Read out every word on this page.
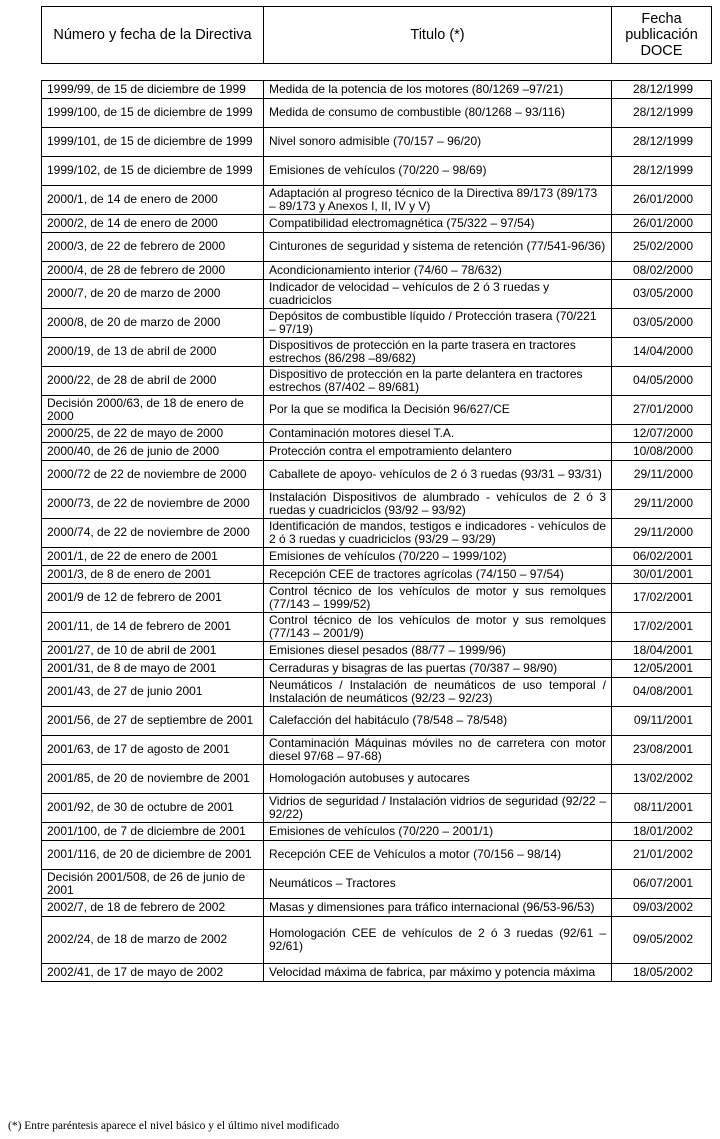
Número y fecha de la Directiva	Titulo (*)	Fecha publicación DOCE
1999/99, de 15 de diciembre de 1999	Medida de la potencia de los motores (80/1269 –97/21)	28/12/1999
1999/100, de 15 de diciembre de 1999	Medida de consumo de combustible (80/1268 – 93/116)	28/12/1999
1999/101, de 15 de diciembre de 1999	Nivel sonoro admisible (70/157 – 96/20)	28/12/1999
1999/102, de 15 de diciembre de 1999	Emisiones de vehículos (70/220 – 98/69)	28/12/1999
2000/1, de 14 de enero de 2000	Adaptación al progreso técnico de la Directiva 89/173 (89/173 – 89/173 y Anexos I, II, IV y V)	26/01/2000
2000/2, de 14 de enero de 2000	Compatibilidad electromagnética (75/322 – 97/54)	26/01/2000
2000/3, de 22 de febrero de 2000	Cinturones de seguridad y sistema de retención (77/541-96/36)	25/02/2000
2000/4, de 28 de febrero de 2000	Acondicionamiento interior (74/60 – 78/632)	08/02/2000
2000/7, de 20 de marzo de 2000	Indicador de velocidad – vehículos de 2 ó 3 ruedas y cuadriciclos	03/05/2000
2000/8, de 20 de marzo de 2000	Depósitos de combustible líquido / Protección trasera (70/221 – 97/19)	03/05/2000
2000/19, de 13 de abril de 2000	Dispositivos de protección en la parte trasera en tractores estrechos (86/298 –89/682)	14/04/2000
2000/22, de 28 de abril de 2000	Dispositivo de protección en la parte delantera en tractores estrechos (87/402 – 89/681)	04/05/2000
Decisión 2000/63, de 18 de enero de 2000	Por la que se modifica la Decisión 96/627/CE	27/01/2000
2000/25, de 22 de mayo de 2000	Contaminación motores diesel T.A.	12/07/2000
2000/40, de 26 de junio de 2000	Protección contra el empotramiento delantero	10/08/2000
2000/72 de 22 de noviembre de 2000	Caballete de apoyo- vehículos de 2 ó 3 ruedas (93/31 – 93/31)	29/11/2000
2000/73, de 22 de noviembre de 2000	Instalación Dispositivos de alumbrado - vehículos de 2 ó 3 ruedas y cuadriciclos (93/92 – 93/92)	29/11/2000
2000/74, de 22 de noviembre de 2000	Identificación de mandos, testigos e indicadores - vehículos de 2 ó 3 ruedas y cuadriciclos (93/29 – 93/29)	29/11/2000
2001/1, de 22 de enero de 2001	Emisiones de vehículos (70/220 – 1999/102)	06/02/2001
2001/3, de 8 de enero de 2001	Recepción CEE de tractores agrícolas (74/150 – 97/54)	30/01/2001
2001/9 de 12 de febrero de 2001	Control técnico de los vehículos de motor y sus remolques (77/143 – 1999/52)	17/02/2001
2001/11, de 14 de febrero de 2001	Control técnico de los vehículos de motor y sus remolques (77/143 – 2001/9)	17/02/2001
2001/27, de 10 de abril de 2001	Emisiones diesel pesados (88/77 – 1999/96)	18/04/2001
2001/31, de 8 de mayo de 2001	Cerraduras y bisagras de las puertas (70/387 – 98/90)	12/05/2001
2001/43, de 27 de junio 2001	Neumáticos / Instalación de neumáticos de uso temporal / Instalación de neumáticos (92/23 – 92/23)	04/08/2001
2001/56, de 27 de septiembre de 2001	Calefacción del habitáculo (78/548 – 78/548)	09/11/2001
2001/63, de 17 de agosto de 2001	Contaminación Máquinas móviles no de carretera con motor diesel 97/68 – 97-68)	23/08/2001
2001/85, de 20 de noviembre de 2001	Homologación autobuses y autocares	13/02/2002
2001/92, de 30 de octubre de 2001	Vidrios de seguridad / Instalación vidrios de seguridad (92/22 – 92/22)	08/11/2001
2001/100, de 7 de diciembre de 2001	Emisiones de vehículos (70/220 – 2001/1)	18/01/2002
2001/116, de 20 de diciembre de 2001	Recepción CEE de Vehículos a motor (70/156 – 98/14)	21/01/2002
Decisión 2001/508, de 26 de junio de 2001	Neumáticos – Tractores	06/07/2001
2002/7, de 18 de febrero de 2002	Masas y dimensiones para tráfico internacional (96/53-96/53)	09/03/2002
2002/24, de 18 de marzo de 2002	Homologación CEE de vehículos de 2 ó 3 ruedas (92/61 – 92/61)	09/05/2002
2002/41, de 17 de mayo de 2002	Velocidad máxima de fabrica, par máximo y potencia máxima	18/05/2002
(*) Entre paréntesis aparece el nivel básico y el último nivel modificado
